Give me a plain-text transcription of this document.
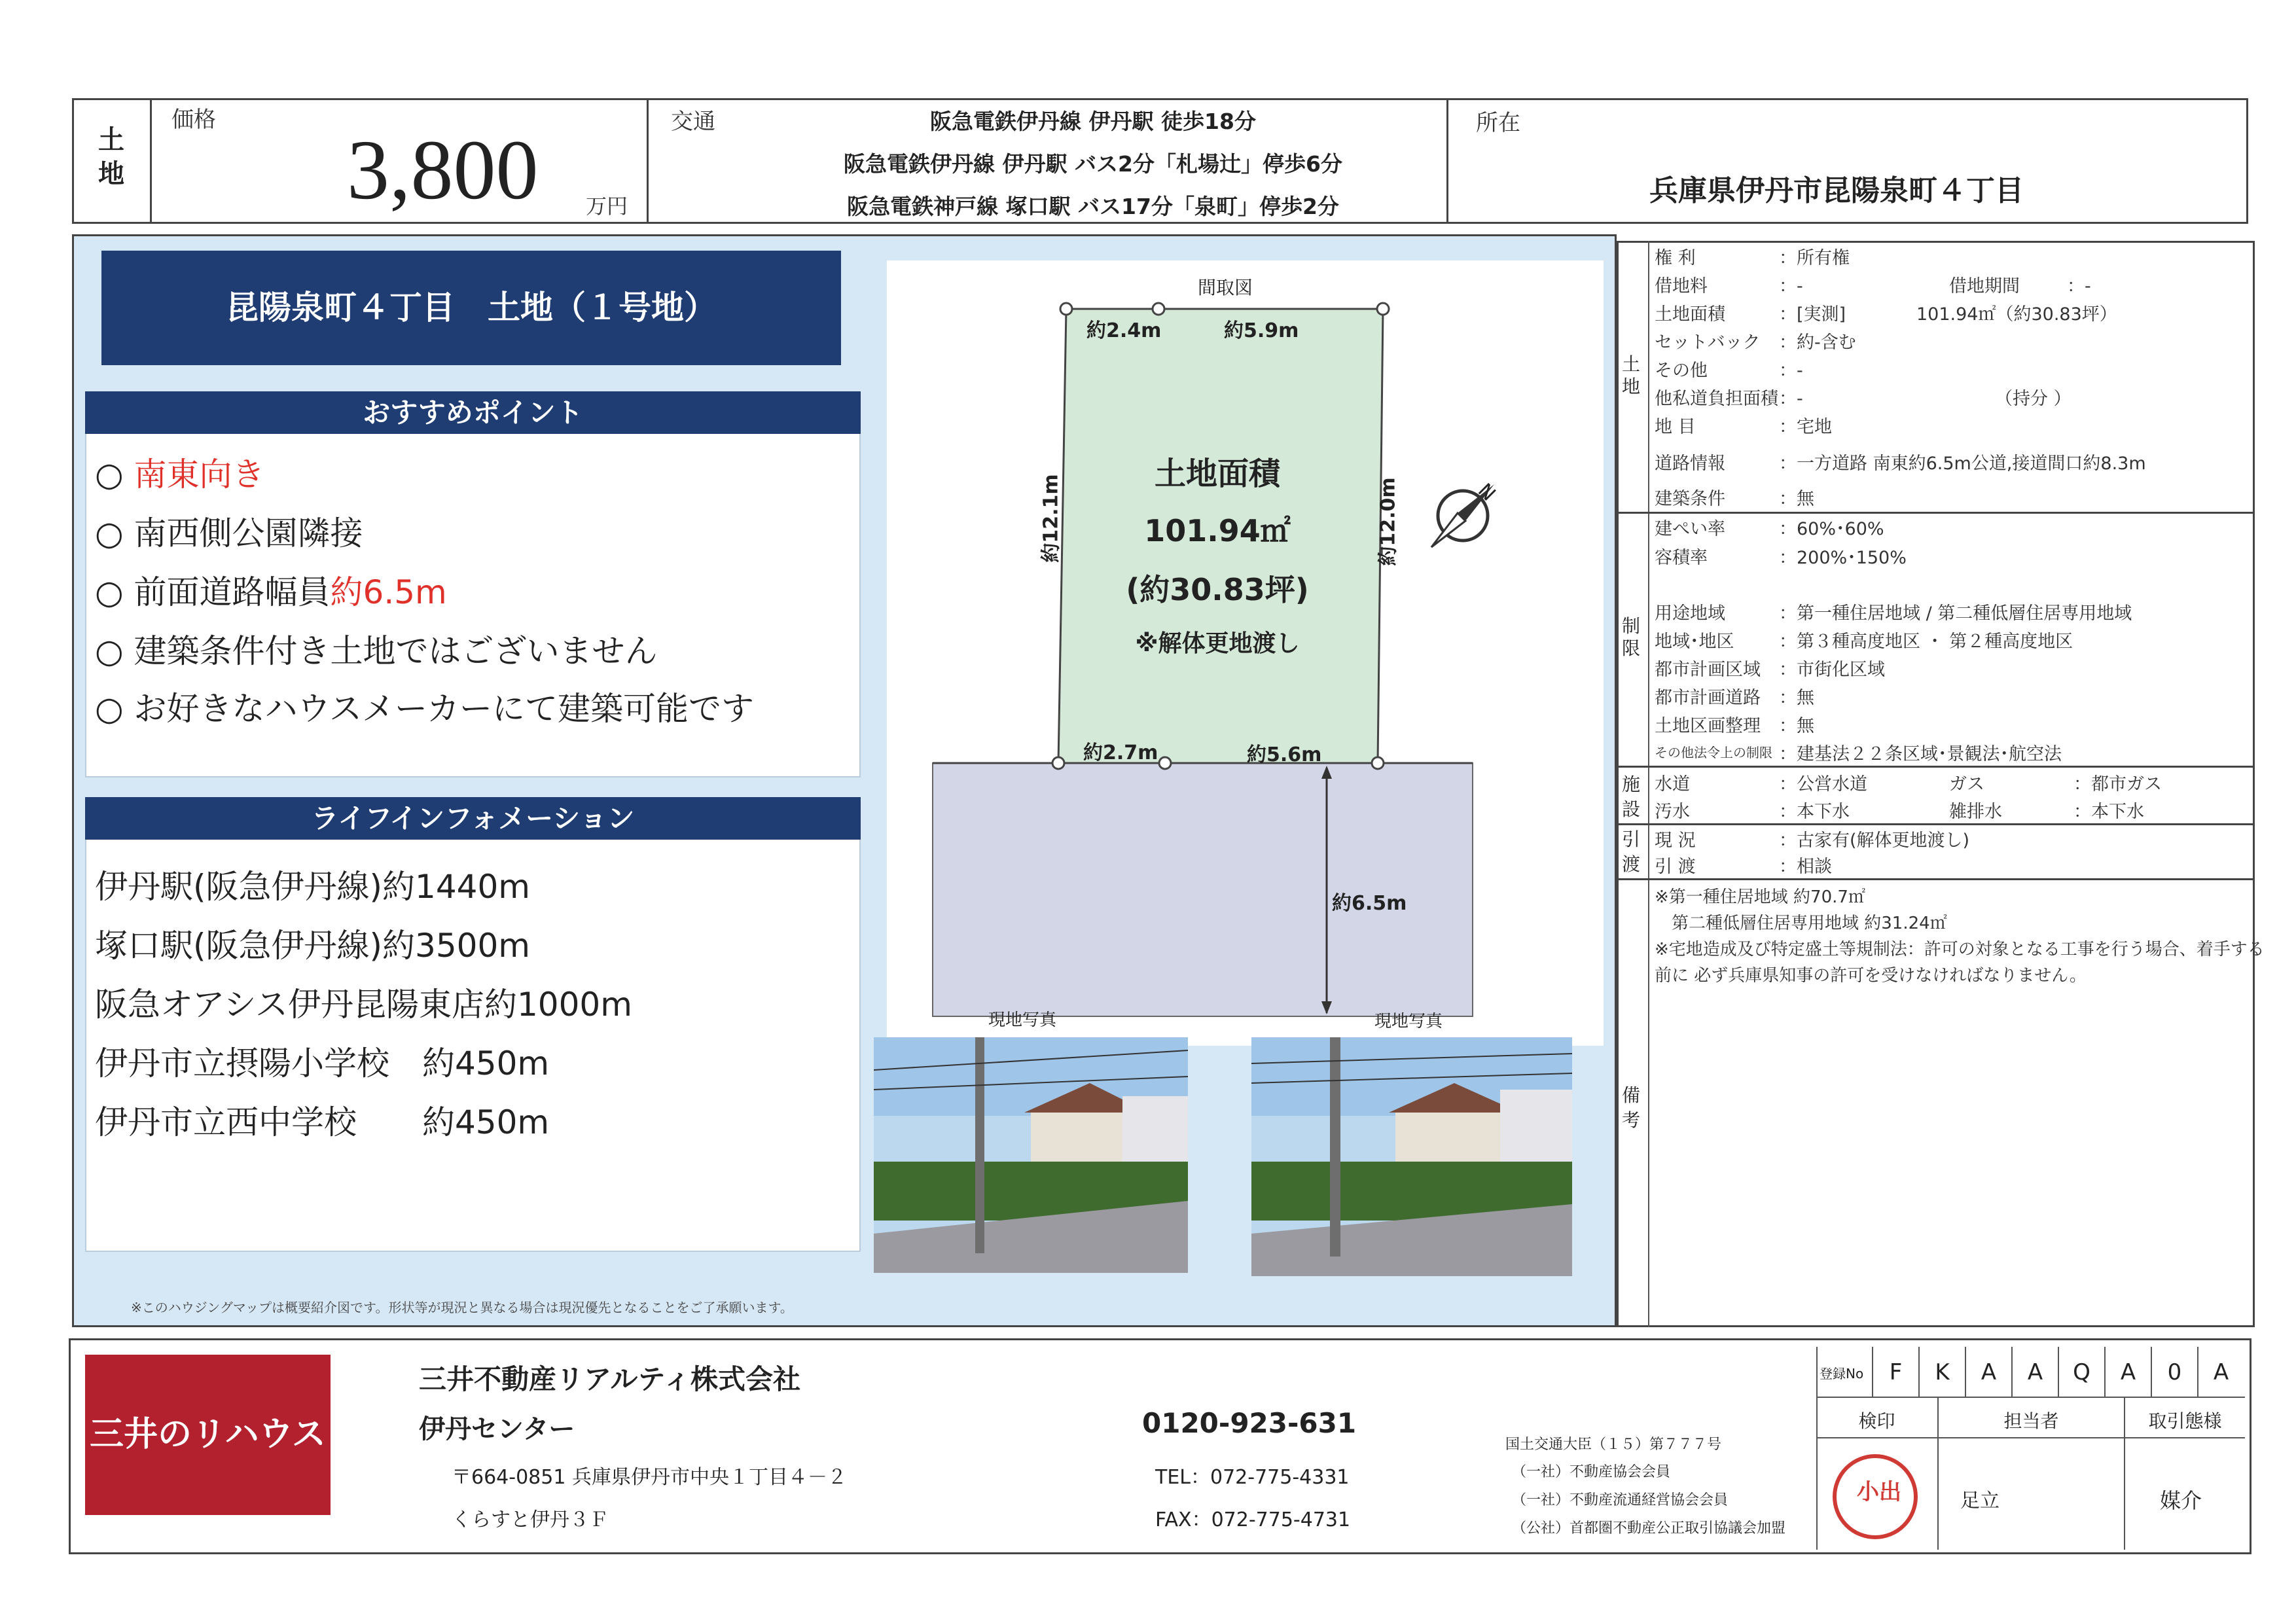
土地
価格
3,800 万円
交通	阪急電鉄伊丹線 伊丹駅 徒歩18分
阪急電鉄伊丹線 伊丹駅 バス2分「札場辻」停歩6分
阪急電鉄神戸線 塚口駅 バス17分「泉町」停歩2分
所在
兵庫県伊丹市昆陽泉町４丁目
昆陽泉町４丁目　土地（１号地）
おすすめポイント
○ 南東向き
○ 南西側公園隣接
○ 前面道路幅員約6.5m
○ 建築条件付き土地ではございません
○ お好きなハウスメーカーにて建築可能です
ライフインフォメーション
伊丹駅(阪急伊丹線)約1440m
塚口駅(阪急伊丹線)約3500m
阪急オアシス伊丹昆陽東店約1000m
伊丹市立摂陽小学校　約450m
伊丹市立西中学校　　約450m
※このハウジングマップは概要紹介図です。形状等が現況と異なる場合は現況優先となることをご了承願います。
間取図
約2.4m	約5.9m
約12.1m	約12.0m
土地面積
101.94㎡
(約30.83坪)
※解体更地渡し
N
約2.7m	約5.6m
約6.5m
現地写真	現地写真
土地
制限
施設
引渡
備考
権 利	：所有権
借地料	：-	借地期間	：-
土地面積	：[実測]	101.94㎡（約30.83坪）
セットバック ：約-含む
その他	：-
他私道負担面積 ：-	（持分 ）
地 目	：宅地
道路情報	：一方道路 南東約6.5m公道,接道間口約8.3m
建築条件	：無
建ぺい率	：60%･60%
容積率	：200%･150%
用途地域	：第一種住居地域 / 第二種低層住居専用地域
地域･地区	：第３種高度地区 ・ 第２種高度地区
都市計画区域 ：市街化区域
都市計画道路 ：無
土地区画整理 ：無
その他法令上の制限 ：建基法２２条区域･景観法･航空法
水道	：公営水道	ガス	：都市ガス
汚水	：本下水	雑排水	：本下水
現 況	：古家有(解体更地渡し)
引 渡	：相談
※第一種住居地域 約70.7㎡
　第二種低層住居専用地域 約31.24㎡
※宅地造成及び特定盛土等規制法：許可の対象となる工事を行う場合、着手する
前に 必ず兵庫県知事の許可を受けなければなりません。
三井のリハウス
三井不動産リアルティ株式会社
伊丹センター
〒664-0851 兵庫県伊丹市中央１丁目４－２
くらすと伊丹３Ｆ
0120-923-631
TEL：072-775-4331
FAX：072-775-4731
国土交通大臣（１５）第７７７号
（一社）不動産協会会員
（一社）不動産流通経営協会会員
（公社）首都圏不動産公正取引協議会加盟
登録No	F	K	A	A	Q	A	0	A
検印	担当者	取引態様
小出	足立	媒介
